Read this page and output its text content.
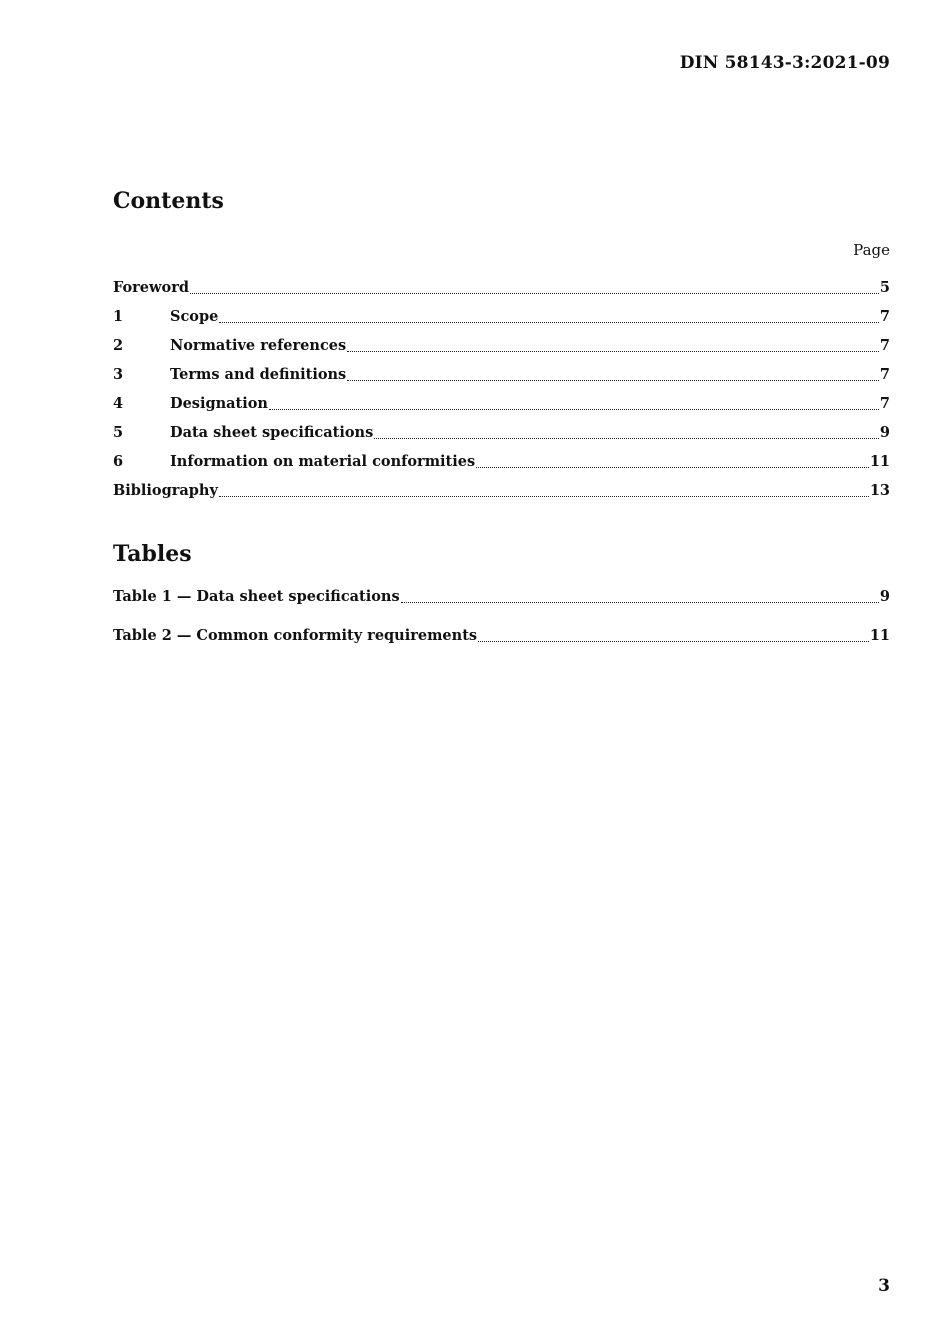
DIN 58143-3:2021-09
Contents
Page
Foreword	5
1	Scope	7
2	Normative references	7
3	Terms and definitions	7
4	Designation	7
5	Data sheet specifications	9
6	Information on material conformities	11
Bibliography	13
Tables
Table 1 — Data sheet specifications	9
Table 2 — Common conformity requirements	11
3
